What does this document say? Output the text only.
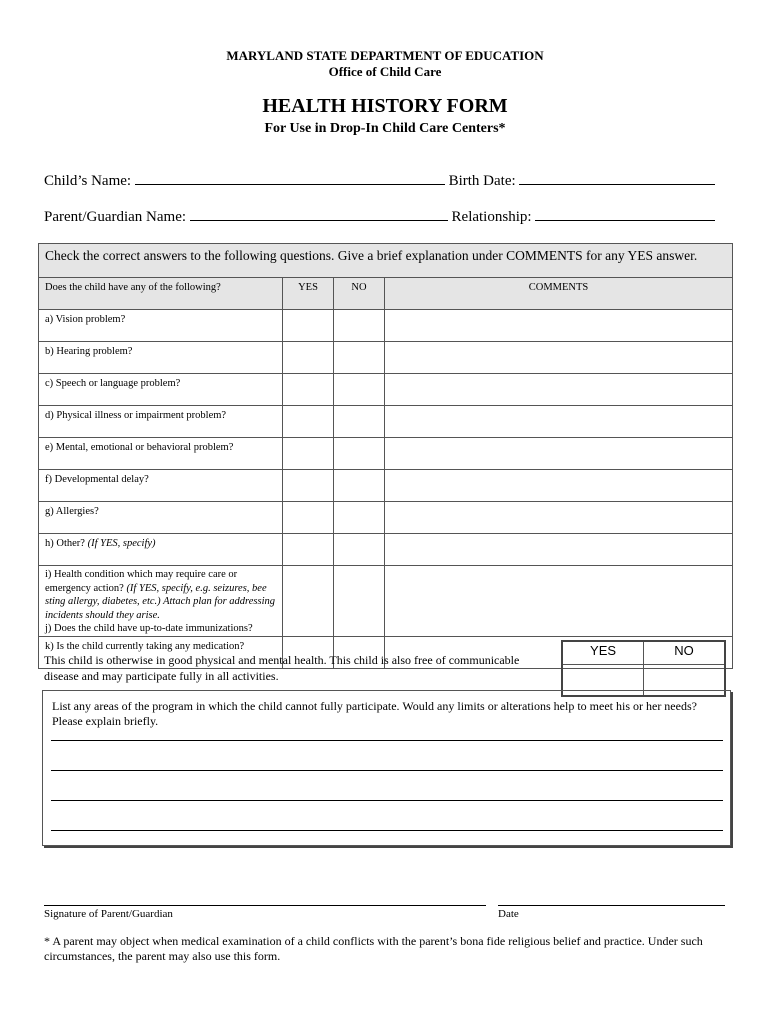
MARYLAND STATE DEPARTMENT OF EDUCATION
Office of Child Care
HEALTH HISTORY FORM
For Use in Drop-In Child Care Centers*
Child’s Name:	Birth Date:
Parent/Guardian Name:	Relationship:
Check the correct answers to the following questions. Give a brief explanation under COMMENTS for any YES answer.			
Does the child have any of the following?	YES	NO	COMMENTS
a) Vision problem?			
b) Hearing problem?			
c) Speech or language problem?			
d) Physical illness or impairment problem?			
e) Mental, emotional or behavioral problem?			
f) Developmental delay?			
g) Allergies?			
h) Other? (If YES, specify)			
i) Health condition which may require care or emergency action? (If YES, specify, e.g. seizures, bee sting allergy, diabetes, etc.) Attach plan for addressing incidents should they arise.
j) Does the child have up-to-date immunizations?			
k) Is the child currently taking any medication?			
This child is otherwise in good physical and mental health. This child is also free of communicable disease and may participate fully in all activities.
YES	NO

List any areas of the program in which the child cannot fully participate. Would any limits or alterations help to meet his or her needs? Please explain briefly.
Signature of Parent/Guardian	Date
* A parent may object when medical examination of a child conflicts with the parent’s bona fide religious belief and practice. Under such circumstances, the parent may also use this form.
